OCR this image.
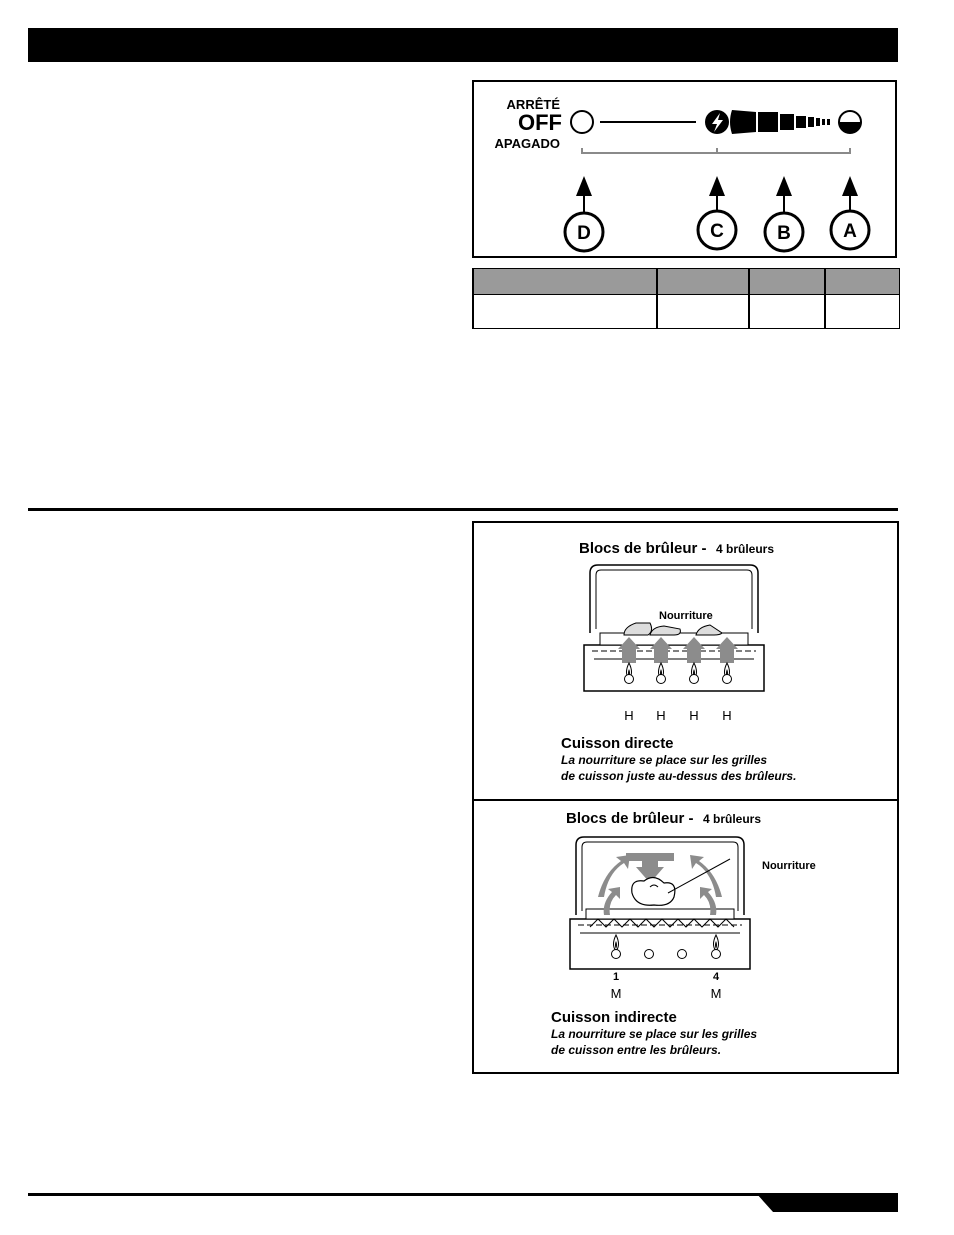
ARRÊTÉ
OFF
APAGADO
D	C	B	A

Blocs de brûleur - 4 brûleurs
Nourriture
H H H H
Cuisson directe
La nourriture se place sur les grilles
de cuisson juste au-dessus des brûleurs.
Blocs de brûleur - 4 brûleurs
Nourriture
1	4
M	M
Cuisson indirecte
La nourriture se place sur les grilles
de cuisson entre les brûleurs.
